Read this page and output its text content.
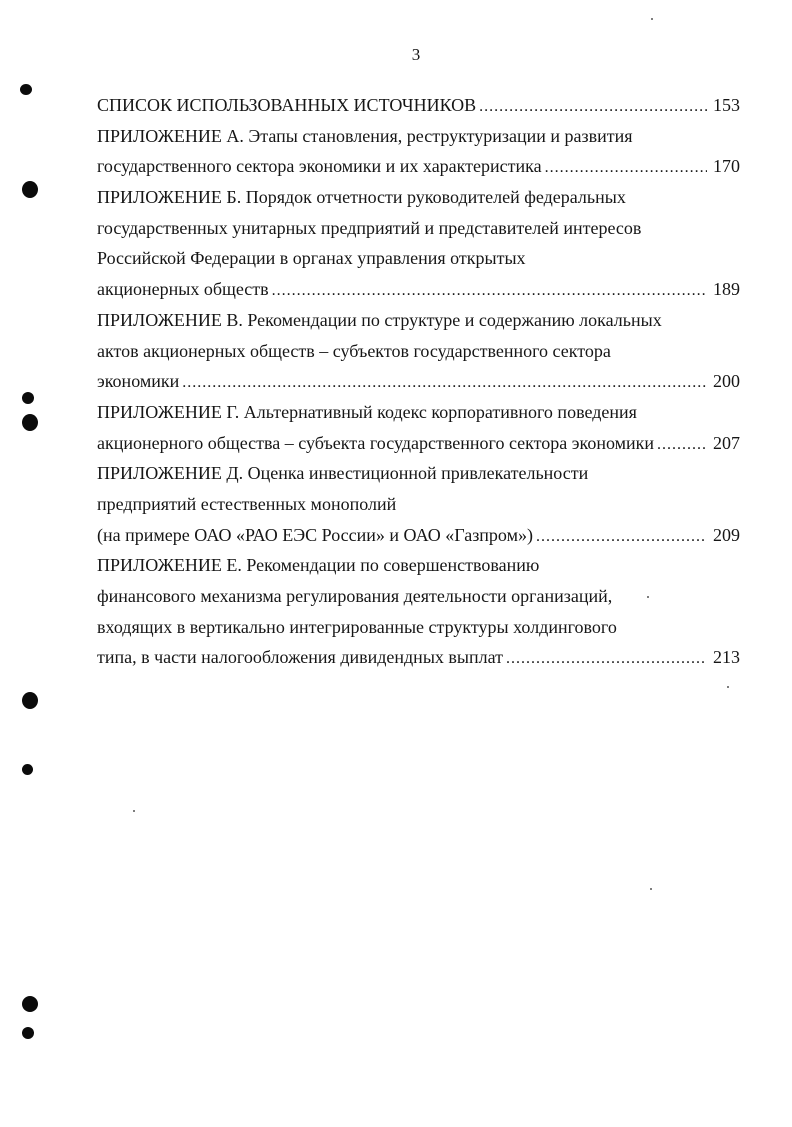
3
СПИСОК ИСПОЛЬЗОВАННЫХ ИСТОЧНИКОВ .....	153
ПРИЛОЖЕНИЕ А. Этапы становления, реструктуризации и развития
государственного сектора экономики и их характеристика .....	170
ПРИЛОЖЕНИЕ Б. Порядок отчетности руководителей федеральных
государственных унитарных предприятий и представителей интересов
Российской Федерации в органах управления открытых
акционерных обществ .....	189
ПРИЛОЖЕНИЕ В. Рекомендации по структуре и содержанию локальных
актов акционерных обществ – субъектов государственного сектора
экономики .....	200
ПРИЛОЖЕНИЕ Г. Альтернативный кодекс корпоративного поведения
акционерного общества – субъекта государственного сектора экономики .....	207
ПРИЛОЖЕНИЕ Д. Оценка инвестиционной привлекательности
предприятий естественных монополий
(на примере ОАО «РАО ЕЭС России» и ОАО «Газпром») .....	209
ПРИЛОЖЕНИЕ Е. Рекомендации по совершенствованию
финансового механизма регулирования деятельности организаций,
входящих в вертикально интегрированные структуры холдингового
типа, в части налогообложения дивидендных выплат .....	213
